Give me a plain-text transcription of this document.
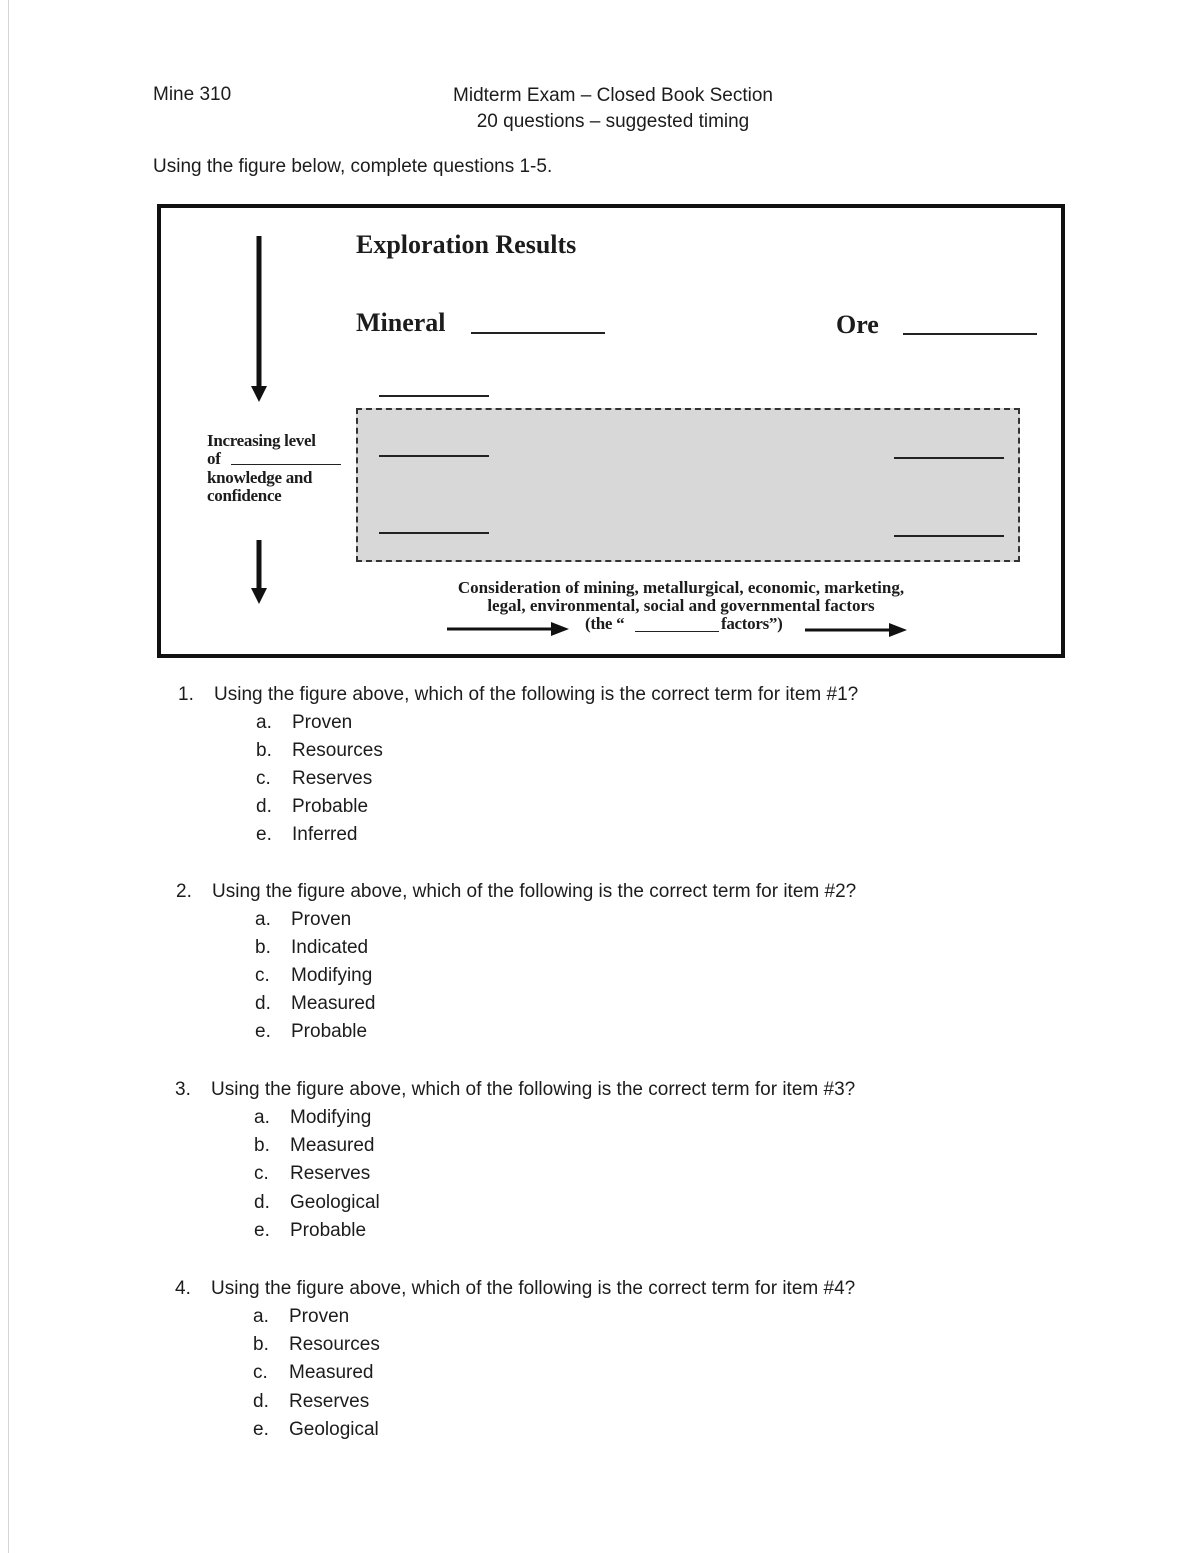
Mine 310	Midterm Exam – Closed Book Section
20 questions – suggested timing
Using the figure below, complete questions 1-5.
Exploration Results
Mineral	Ore
Increasing level
of
knowledge and
confidence
Consideration of mining, metallurgical, economic, marketing,
legal, environmental, social and governmental factors
(the “	factors”)
1. Using the figure above, which of the following is the correct term for item #1?
a. Proven
b. Resources
c. Reserves
d. Probable
e. Inferred
2. Using the figure above, which of the following is the correct term for item #2?
a. Proven
b. Indicated
c. Modifying
d. Measured
e. Probable
3. Using the figure above, which of the following is the correct term for item #3?
a. Modifying
b. Measured
c. Reserves
d. Geological
e. Probable
4. Using the figure above, which of the following is the correct term for item #4?
a. Proven
b. Resources
c. Measured
d. Reserves
e. Geological
